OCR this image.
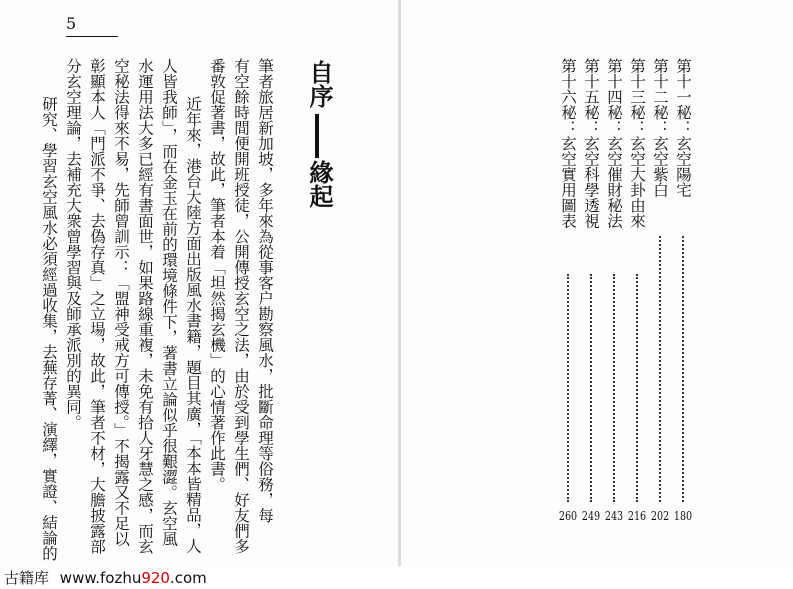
5
筆者旅居新加坡，多年來為從事客户勘察風水，批斷命理等俗務，每
有空餘時間便開班授徒，公開傳授玄空之法，由於受到學生們、好友們多
番敦促著書，故此，筆者本着「坦然揭玄機」的心情著作此書。
近年來，港台大陸方面出版風水書籍，題目其廣，「本本皆精品，人
人皆我師」，而在金玉在前的環境條件下，著書立論似乎很艱澀。玄空風
水運用法大多已經有書面世，如果路線重複，未免有拾人牙慧之感，而玄
空秘法得來不易，先師曾訓示：「盟神受戒方可傳授。」不揭露又不足以
彰顯本人「門派不爭、去偽存真」之立場，故此，筆者不材，大膽披露部
分玄空理論，去補充大衆曾學習與及師承派別的異同。
研究、學習玄空風水必須經過收集，去蕪存菁、演繹，實證、結論的
自序
緣起	第十一秘：玄空陽宅
180
第十二秘：玄空紫白
202
第十三秘：玄空大卦由來
216
第十四秘：玄空催財秘法
243
第十五秘：玄空科學透視
249
第十六秘：玄空實用圖表
260
古籍库 www.fozhu920.com
